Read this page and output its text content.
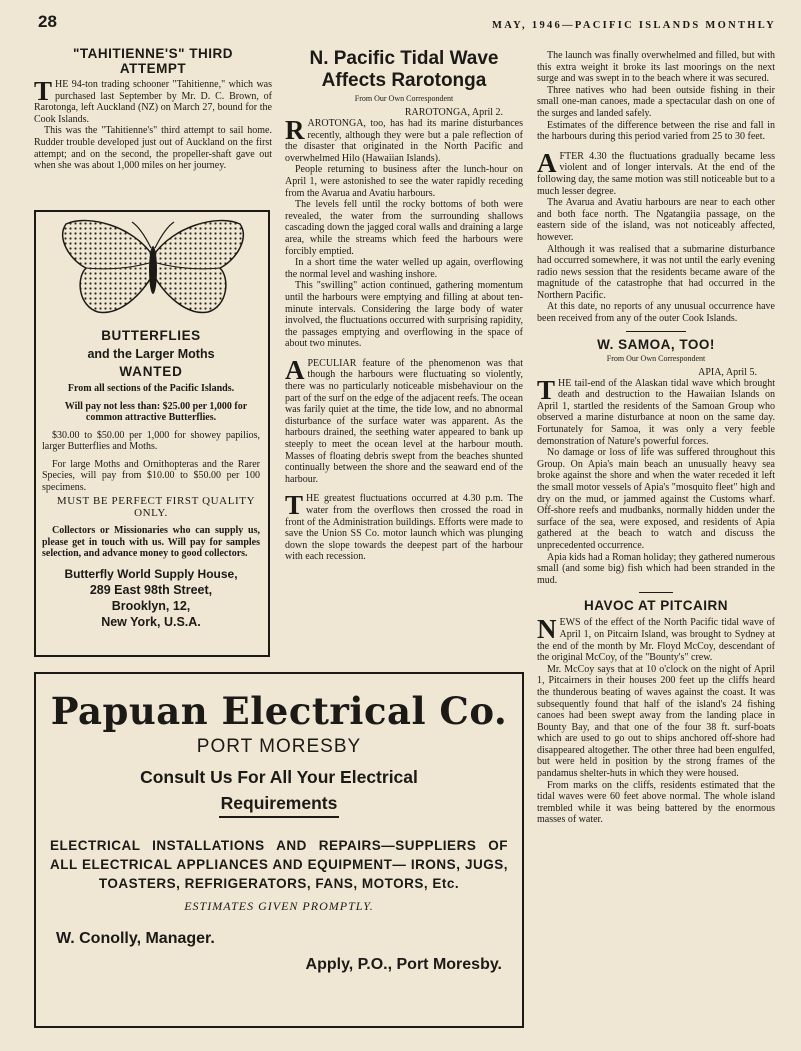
28	MAY, 1946—PACIFIC ISLANDS MONTHLY
"TAHITIENNE'S" THIRD
ATTEMPT

THE 94-ton trading schooner "Tahitienne," which was purchased last September by Mr. D. C. Brown, of Rarotonga, left Auckland (NZ) on March 27, bound for the Cook Islands.

This was the "Tahitienne's" third attempt to sail home. Rudder trouble developed just out of Auckland on the first attempt; and on the second, the propeller-shaft gave out when she was about 1,000 miles on her journey.

BUTTERFLIES
and the Larger Moths
WANTED

From all sections of the Pacific Islands.

Will pay not less than: $25.00 per 1,000 for common attractive Butterflies.

$30.00 to $50.00 per 1,000 for showey papilios, larger Butterflies and Moths.

For large Moths and Ornithopteras and the Rarer Species, will pay from $10.00 to $50.00 per 100 specimens.

MUST BE PERFECT FIRST QUALITY ONLY.

Collectors or Missionaries who can supply us, please get in touch with us. Will pay for samples selection, and advance money to good collectors.

Butterfly World Supply House,
289 East 98th Street,
Brooklyn, 12,
New York, U.S.A.
N. Pacific Tidal Wave
Affects Rarotonga
From Our Own Correspondent
RAROTONGA, April 2.

RAROTONGA, too, has had its marine disturbances recently, although they were but a pale reflection of the disaster that originated in the North Pacific and overwhelmed Hilo (Hawaiian Islands).

People returning to business after the lunch-hour on April 1, were astonished to see the water rapidly receding from the Avarua and Avatiu harbours.

The levels fell until the rocky bottoms of both were revealed, the water from the surrounding shallows cascading down the jagged coral walls and draining a large area, while the streams which feed the harbours were forcibly emptied.

In a short time the water welled up again, overflowing the normal level and washing inshore.

This "swilling" action continued, gathering momentum until the harbours were emptying and filling at about ten-minute intervals. Considering the large body of water involved, the fluctuations occurred with surprising rapidity, the passages emptying and overflowing in the space of about two minutes.

APECULIAR feature of the phenomenon was that though the harbours were fluctuating so violently, there was no particularly noticeable misbehaviour on the part of the surf on the edge of the adjacent reefs. The ocean was farily quiet at the time, the tide low, and no abnormal disturbance of the surface water was apparent. As the harbours drained, the seething water appeared to bank up steeply to meet the ocean level at the harbour mouth. Masses of floating debris swept from the beaches shunted continually between the shore and the seaward end of the harbour.

THE greatest fluctuations occurred at 4.30 p.m. The water from the overflows then crossed the road in front of the Administration buildings. Efforts were made to save the Union SS Co. motor launch which was plunging down the slope towards the deepest part of the harbour with each recession.

The launch was finally overwhelmed and filled, but with this extra weight it broke its last moorings on the next surge and was swept in to the beach where it was secured.

Three natives who had been outside fishing in their small one-man canoes, made a spectacular dash on one of the surges and landed safely.

Estimates of the difference between the rise and fall in the harbours during this period varied from 25 to 30 feet.

AFTER 4.30 the fluctuations gradually became less violent and of longer intervals. At the end of the following day, the same motion was still noticeable but to a much lesser degree.

The Avarua and Avatiu harbours are near to each other and both face north. The Ngatangiia passage, on the eastern side of the island, was not noticeably affected, however.

Although it was realised that a submarine disturbance had occurred somewhere, it was not until the early evening radio news session that the residents became aware of the magnitude of the catastrophe that had occurred in the Northern Pacific.

At this date, no reports of any unusual occurrence have been received from any of the outer Cook Islands.

W. SAMOA, TOO!
From Our Own Correspondent
APIA, April 5.

THE tail-end of the Alaskan tidal wave which brought death and destruction to the Hawaiian Islands on April 1, startled the residents of the Samoan Group who observed a marine disturbance at noon on the same day. Fortunately for Samoa, it was only a very feeble demonstration of Nature's powerful forces.

No damage or loss of life was suffered throughout this Group. On Apia's main beach an unusually heavy sea broke against the shore and when the water receded it left the small motor vessels of Apia's "mosquito fleet" high and dry on the mud, or jammed against the Customs wharf. Off-shore reefs and mudbanks, normally hidden under the surface of the sea, were exposed, and residents of Apia gathered at the beach to watch and discuss the unprecedented occurrence.

Apia kids had a Roman holiday; they gathered numerous small (and some big) fish which had been stranded in the mud.

HAVOC AT PITCAIRN

NEWS of the effect of the North Pacific tidal wave of April 1, on Pitcairn Island, was brought to Sydney at the end of the month by Mr. Floyd McCoy, descendant of the original McCoy, of the "Bounty's" crew.

Mr. McCoy says that at 10 o'clock on the night of April 1, Pitcairners in their houses 200 feet up the cliffs heard the thunderous beating of waves against the coast. It was subsequently found that half of the island's 24 fishing canoes had been swept away from the landing place in Bounty Bay, and that one of the four 38 ft. surf-boats which are used to go out to ships anchored off-shore had disappeared altogether. The other three had been engulfed, but were held in position by the strong frames of the pandamus shelter-huts in which they were housed.

From marks on the cliffs, residents estimated that the tidal waves were 60 feet above normal. The whole island trembled while it was being battered by the enormous masses of water.

Papuan Electrical Co.
PORT MORESBY
Consult Us For All Your Electrical
Requirements
ELECTRICAL INSTALLATIONS AND REPAIRS—SUPPLIERS OF ALL ELECTRICAL APPLIANCES AND EQUIPMENT— IRONS, JUGS, TOASTERS, REFRIGERATORS, FANS, MOTORS, Etc.
ESTIMATES GIVEN PROMPTLY.
W. Conolly, Manager.
Apply, P.O., Port Moresby.
